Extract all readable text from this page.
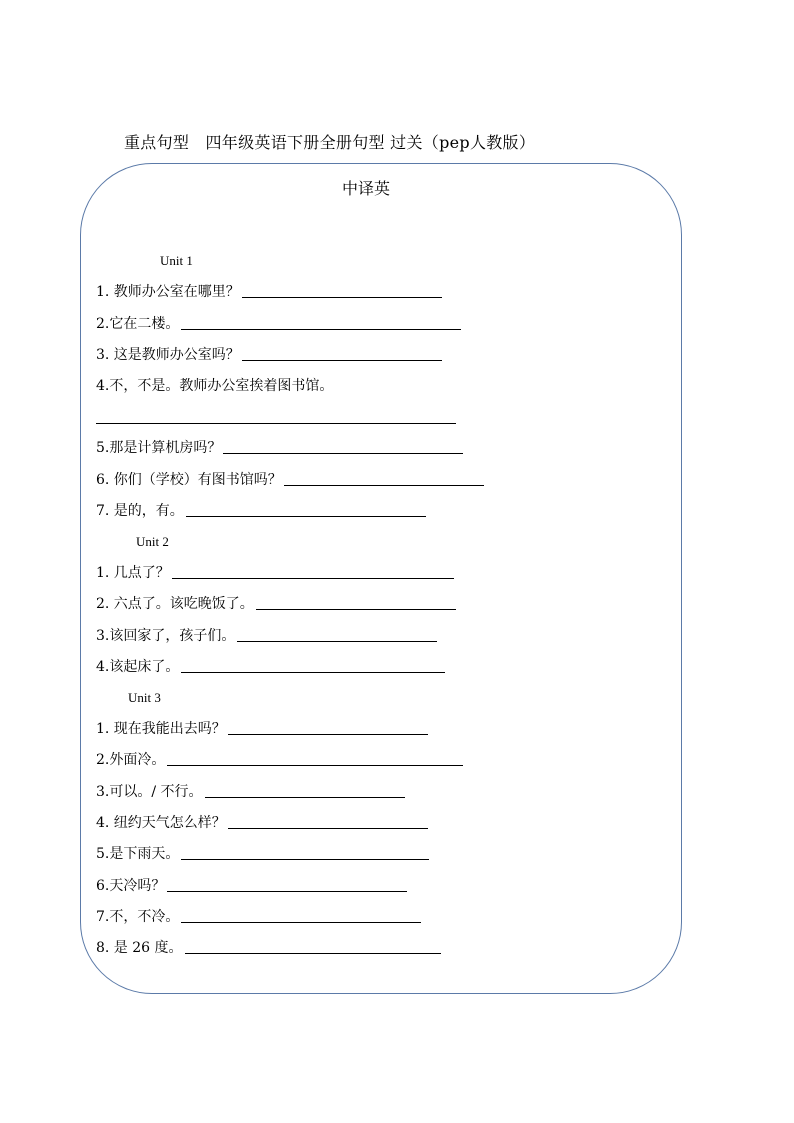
重点句型　四年级英语下册全册句型 过关（pep人教版）
中译英
Unit 1
1. 教师办公室在哪里？
2.它在二楼。
3. 这是教师办公室吗？
4.不，不是。教师办公室挨着图书馆。
5.那是计算机房吗？
6. 你们（学校）有图书馆吗？
7. 是的，有。
Unit 2
1. 几点了？
2. 六点了。该吃晚饭了。
3.该回家了，孩子们。
4.该起床了。
Unit 3
1. 现在我能出去吗？
2.外面冷。
3.可以。/ 不行。
4. 纽约天气怎么样？
5.是下雨天。
6.天冷吗？
7.不，不冷。
8. 是 26 度。
